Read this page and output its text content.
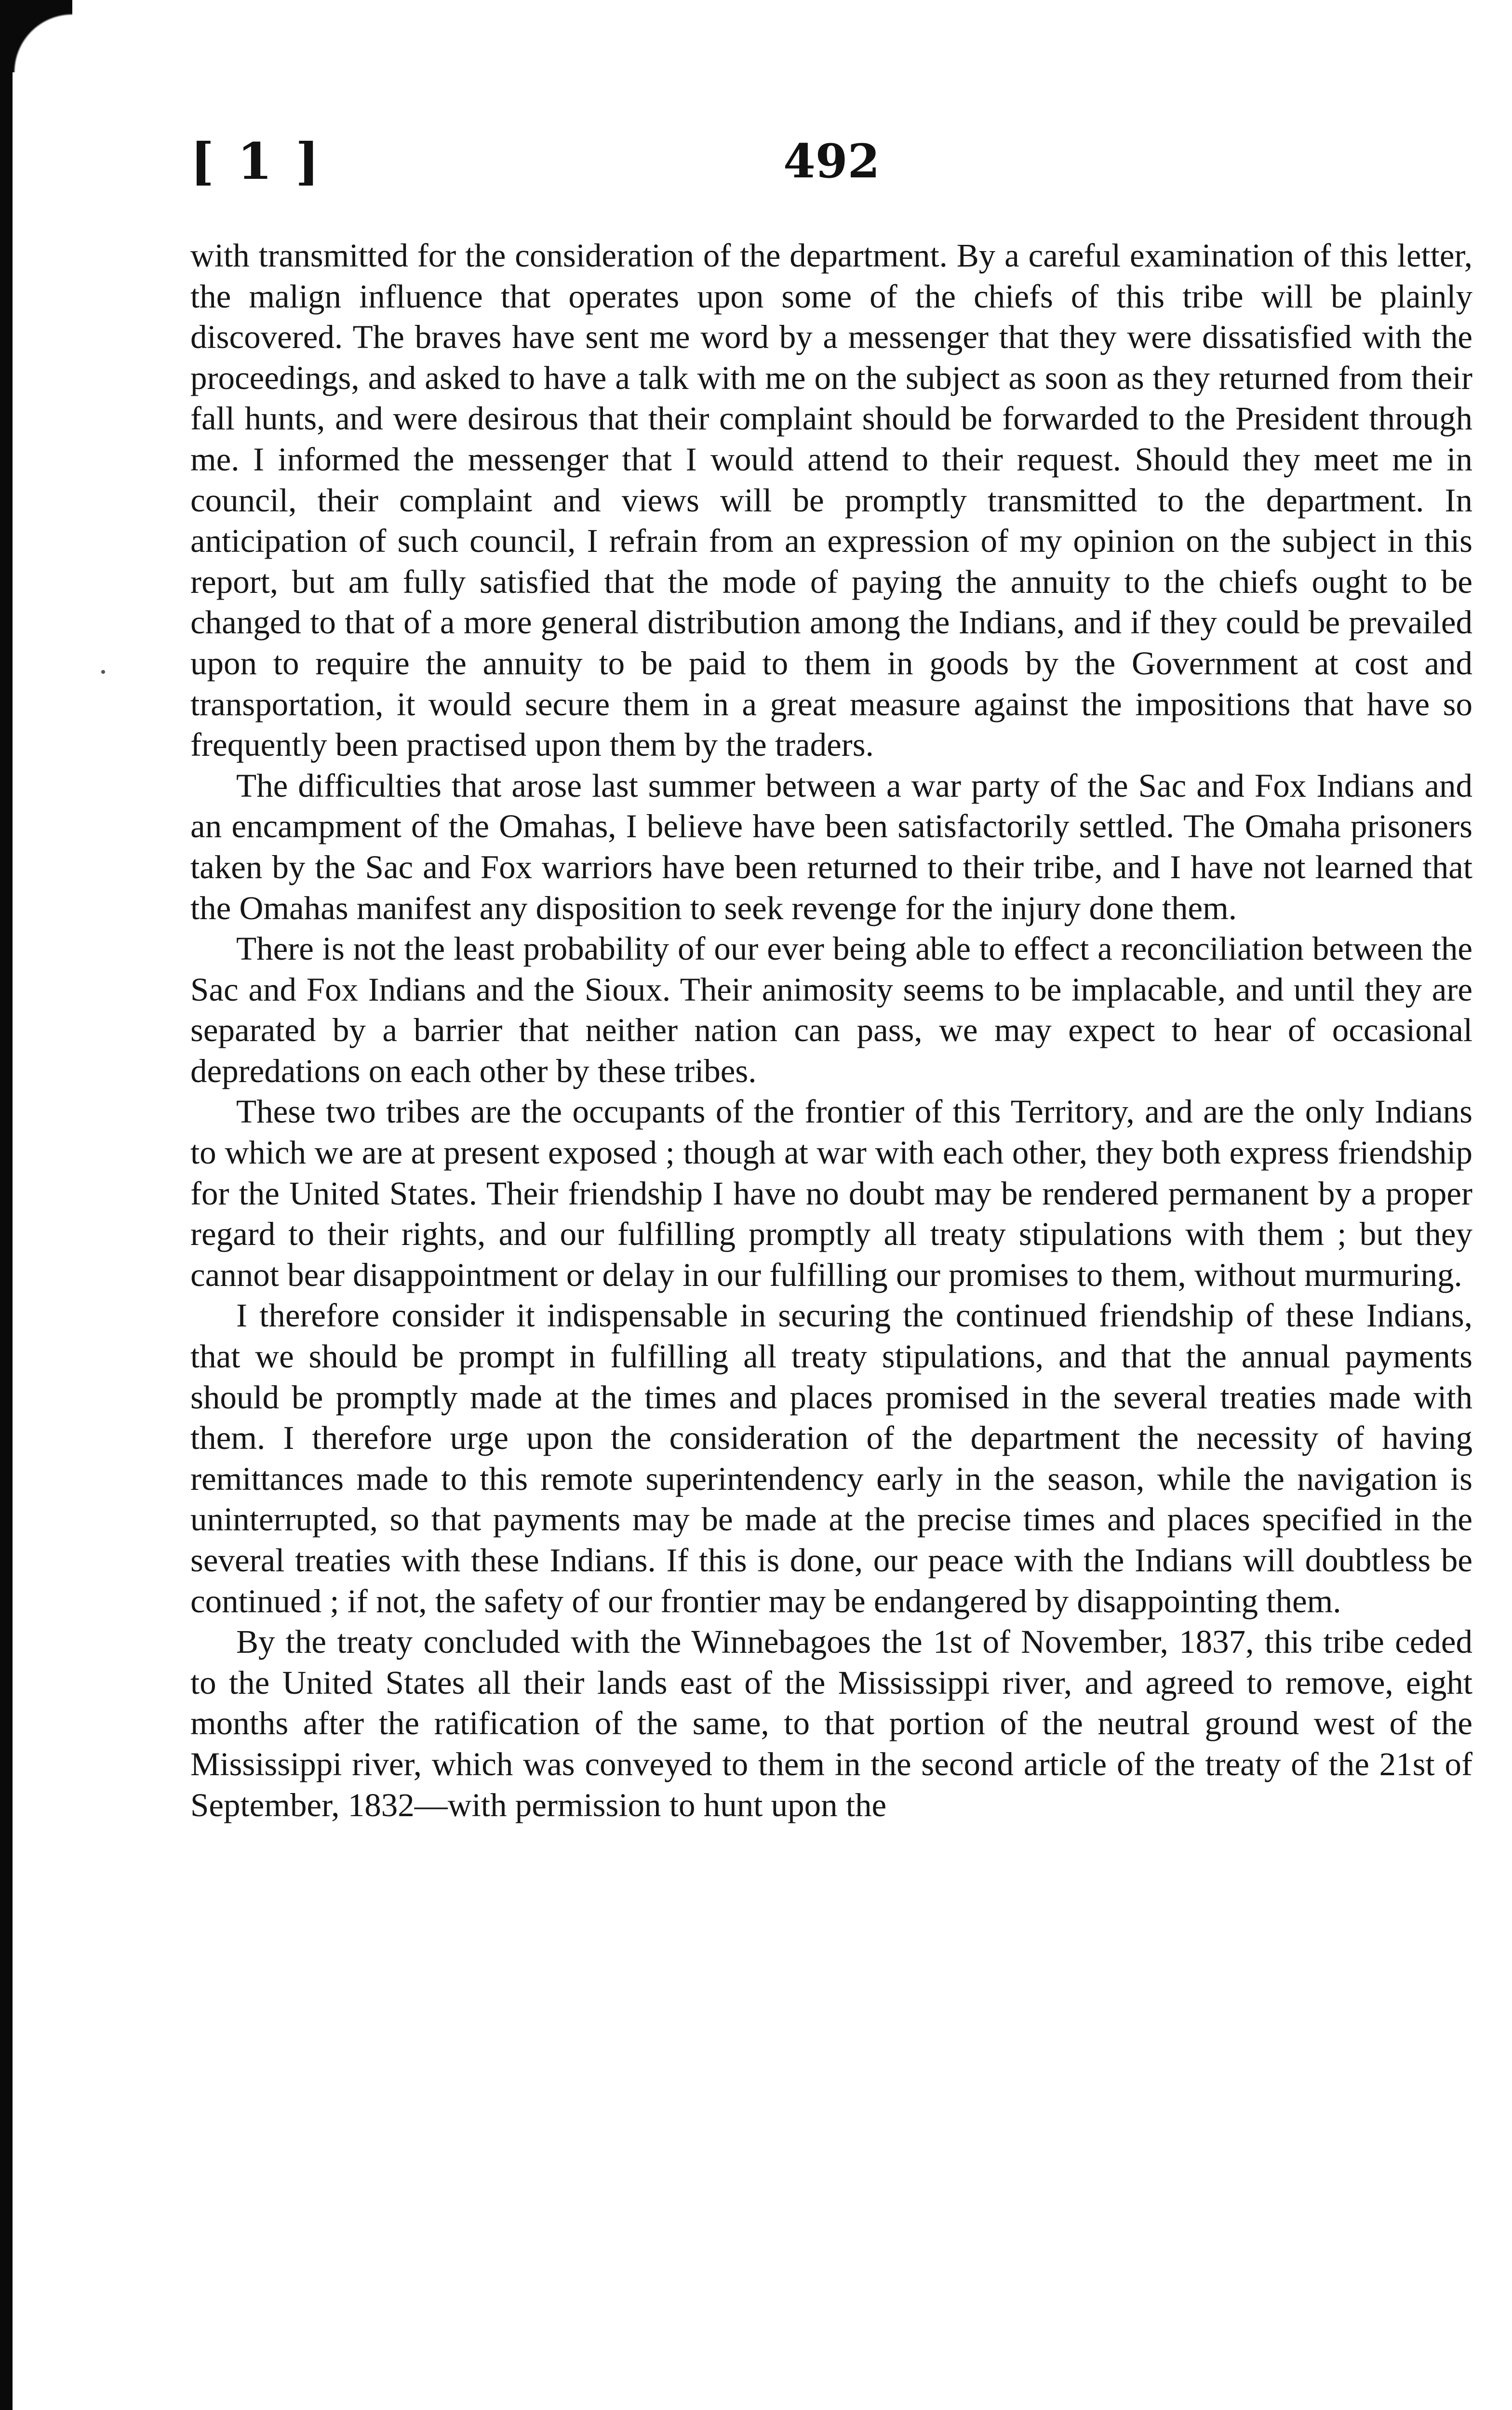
[ 1 ]	492

with transmitted for the consideration of the department. By a careful examination of this letter, the malign influence that operates upon some of the chiefs of this tribe will be plainly discovered. The braves have sent me word by a messenger that they were dissatisfied with the proceedings, and asked to have a talk with me on the subject as soon as they returned from their fall hunts, and were desirous that their complaint should be forwarded to the President through me. I informed the messenger that I would attend to their request. Should they meet me in council, their complaint and views will be promptly transmitted to the department. In anticipation of such council, I refrain from an expression of my opinion on the subject in this report, but am fully satisfied that the mode of paying the annuity to the chiefs ought to be changed to that of a more general distribution among the Indians, and if they could be prevailed upon to require the annuity to be paid to them in goods by the Government at cost and transportation, it would secure them in a great measure against the impositions that have so frequently been practised upon them by the traders.

The difficulties that arose last summer between a war party of the Sac and Fox Indians and an encampment of the Omahas, I believe have been satisfactorily settled. The Omaha prisoners taken by the Sac and Fox warriors have been returned to their tribe, and I have not learned that the Omahas manifest any disposition to seek revenge for the injury done them.

There is not the least probability of our ever being able to effect a reconciliation between the Sac and Fox Indians and the Sioux. Their animosity seems to be implacable, and until they are separated by a barrier that neither nation can pass, we may expect to hear of occasional depredations on each other by these tribes.

These two tribes are the occupants of the frontier of this Territory, and are the only Indians to which we are at present exposed ; though at war with each other, they both express friendship for the United States. Their friendship I have no doubt may be rendered permanent by a proper regard to their rights, and our fulfilling promptly all treaty stipulations with them ; but they cannot bear disappointment or delay in our fulfilling our promises to them, without murmuring.

I therefore consider it indispensable in securing the continued friendship of these Indians, that we should be prompt in fulfilling all treaty stipulations, and that the annual payments should be promptly made at the times and places promised in the several treaties made with them. I therefore urge upon the consideration of the department the necessity of having remittances made to this remote superintendency early in the season, while the navigation is uninterrupted, so that payments may be made at the precise times and places specified in the several treaties with these Indians. If this is done, our peace with the Indians will doubtless be continued ; if not, the safety of our frontier may be endangered by disappointing them.

By the treaty concluded with the Winnebagoes the 1st of November, 1837, this tribe ceded to the United States all their lands east of the Mississippi river, and agreed to remove, eight months after the ratification of the same, to that portion of the neutral ground west of the Mississippi river, which was conveyed to them in the second article of the treaty of the 21st of September, 1832—with permission to hunt upon the
